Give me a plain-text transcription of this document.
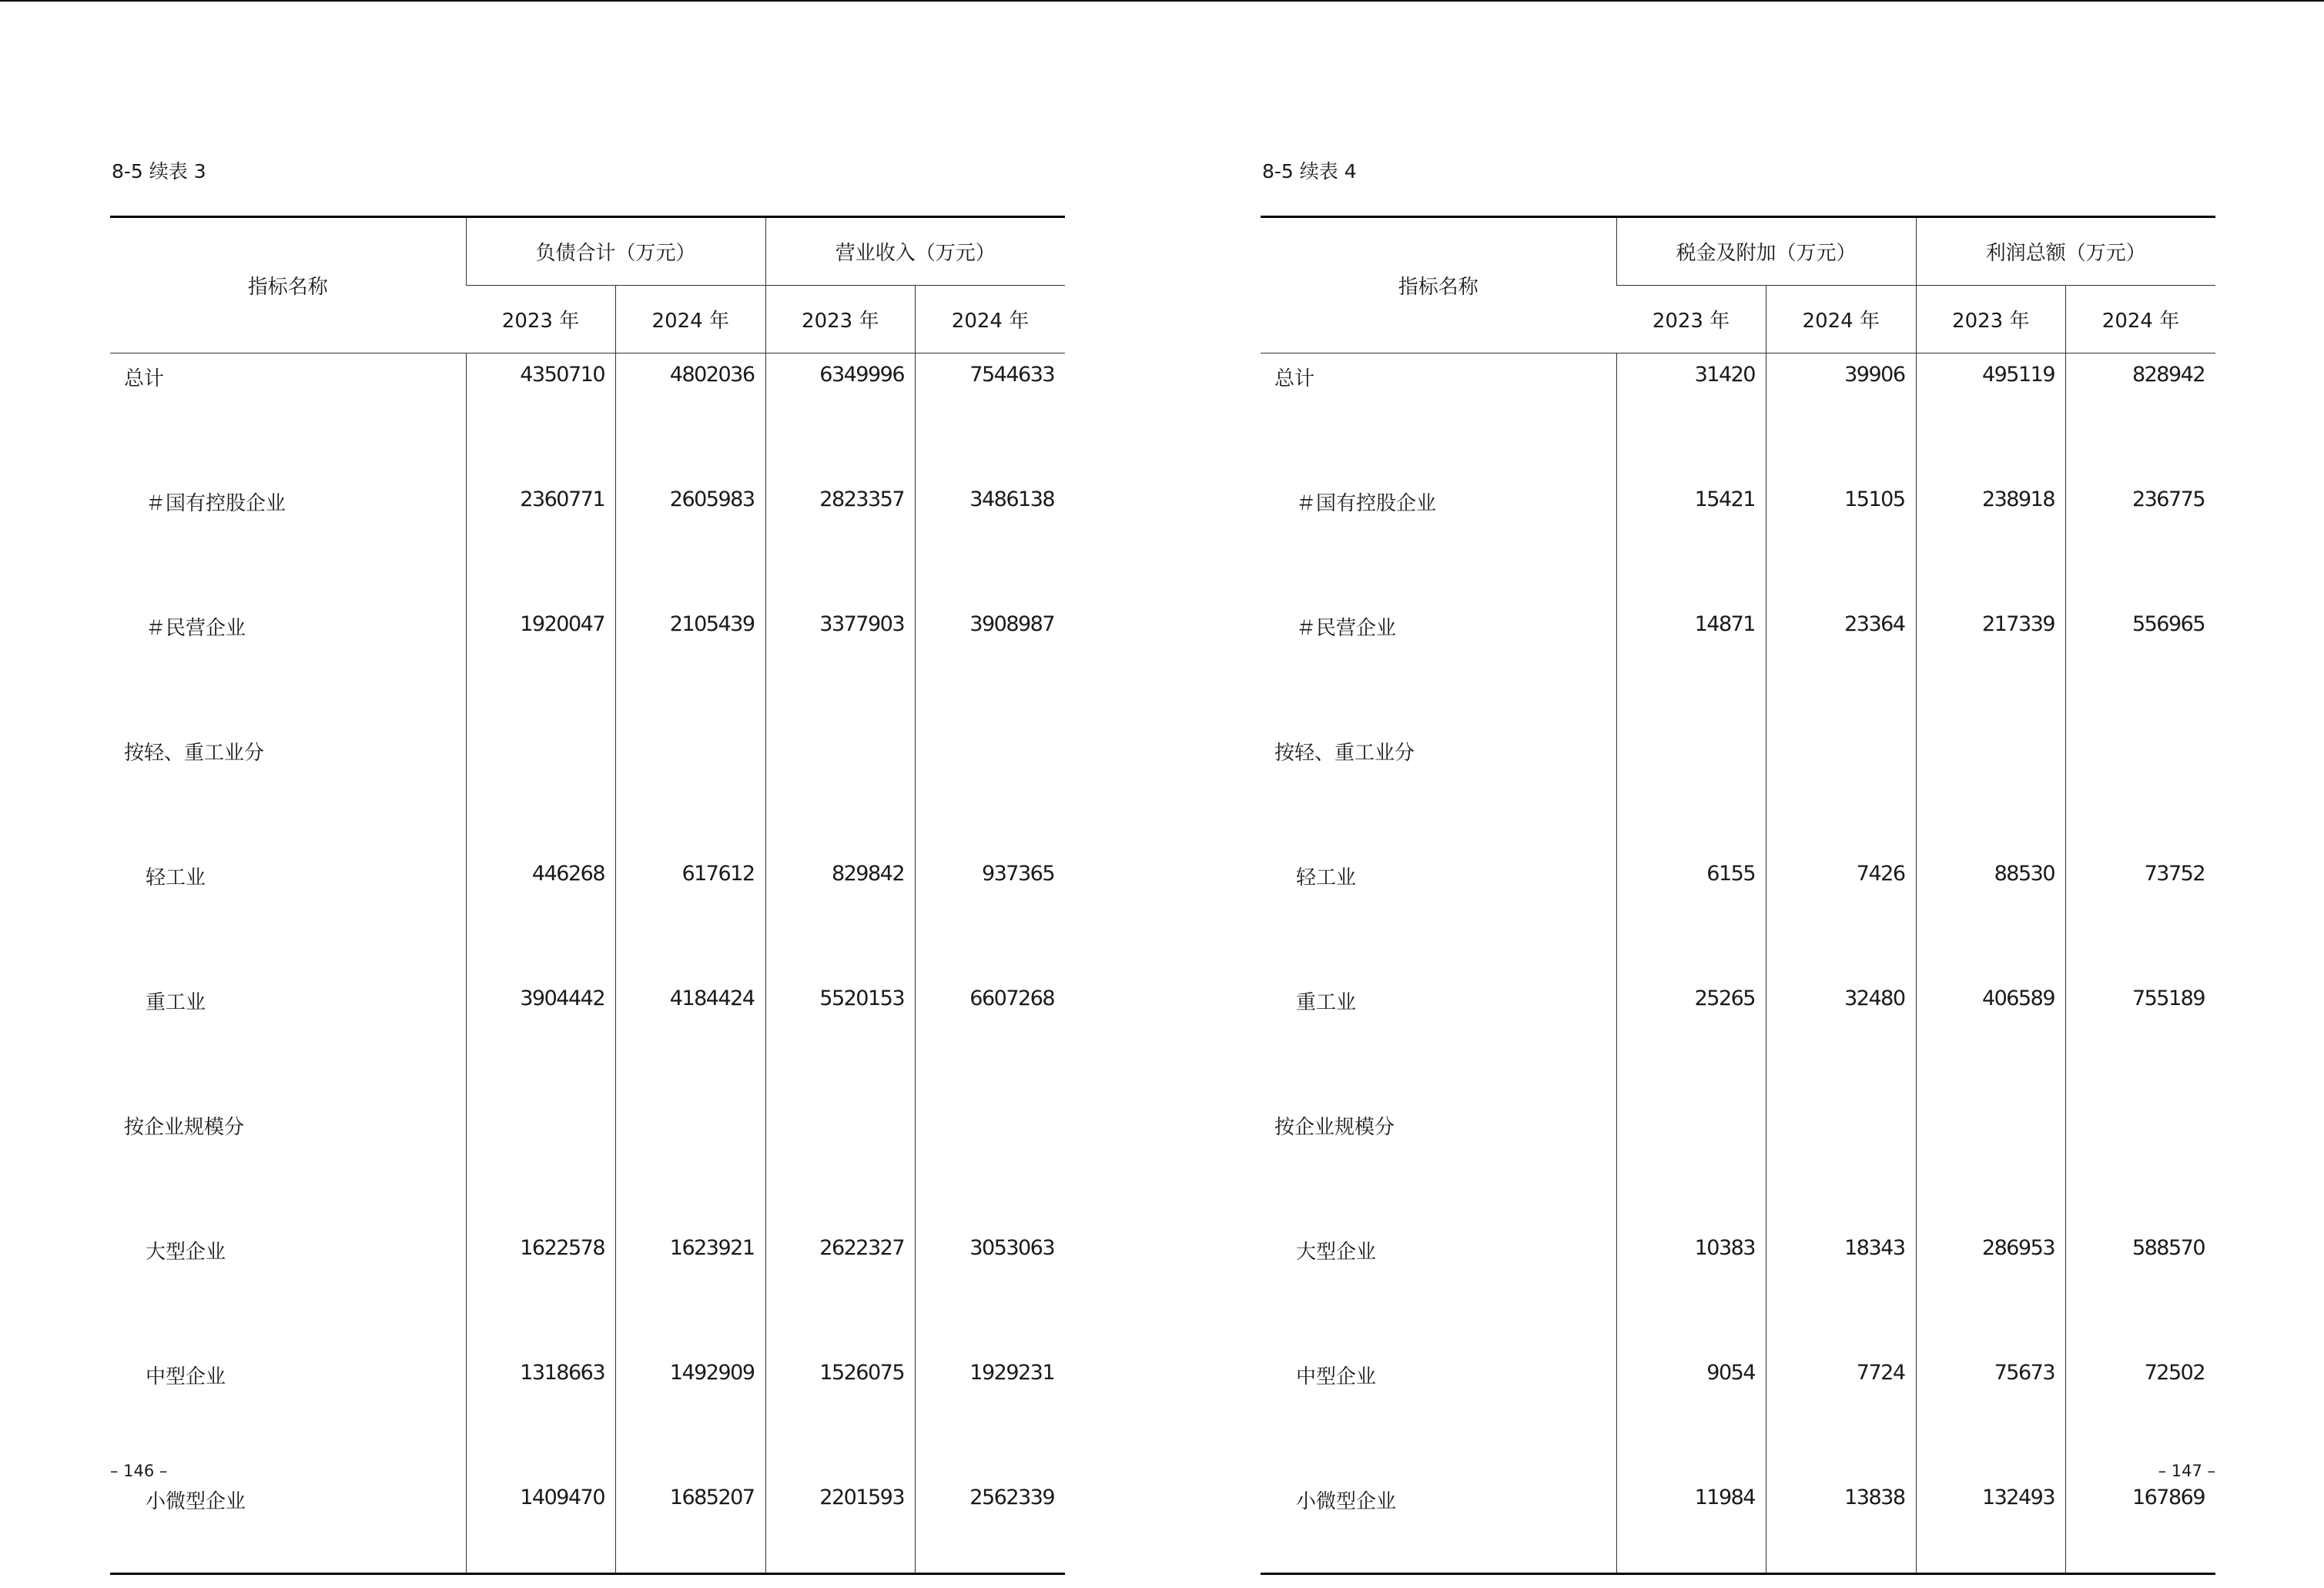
8-5 续表 3
指标名称	负债合计（万元）		营业收入（万元）	
	2023 年	2024 年	2023 年	2024 年
总计	4350710	4802036	6349996	7544633
＃国有控股企业	2360771	2605983	2823357	3486138
＃民营企业	1920047	2105439	3377903	3908987
按轻、重工业分				
轻工业	446268	617612	829842	937365
重工业	3904442	4184424	5520153	6607268
按企业规模分				
大型企业	1622578	1623921	2622327	3053063
中型企业	1318663	1492909	1526075	1929231
小微型企业	1409470	1685207	2201593	2562339
– 146 –
8-5 续表 4
指标名称	税金及附加（万元）		利润总额（万元）	
	2023 年	2024 年	2023 年	2024 年
总计	31420	39906	495119	828942
＃国有控股企业	15421	15105	238918	236775
＃民营企业	14871	23364	217339	556965
按轻、重工业分				
轻工业	6155	7426	88530	73752
重工业	25265	32480	406589	755189
按企业规模分				
大型企业	10383	18343	286953	588570
中型企业	9054	7724	75673	72502
小微型企业	11984	13838	132493	167869
– 147 –
